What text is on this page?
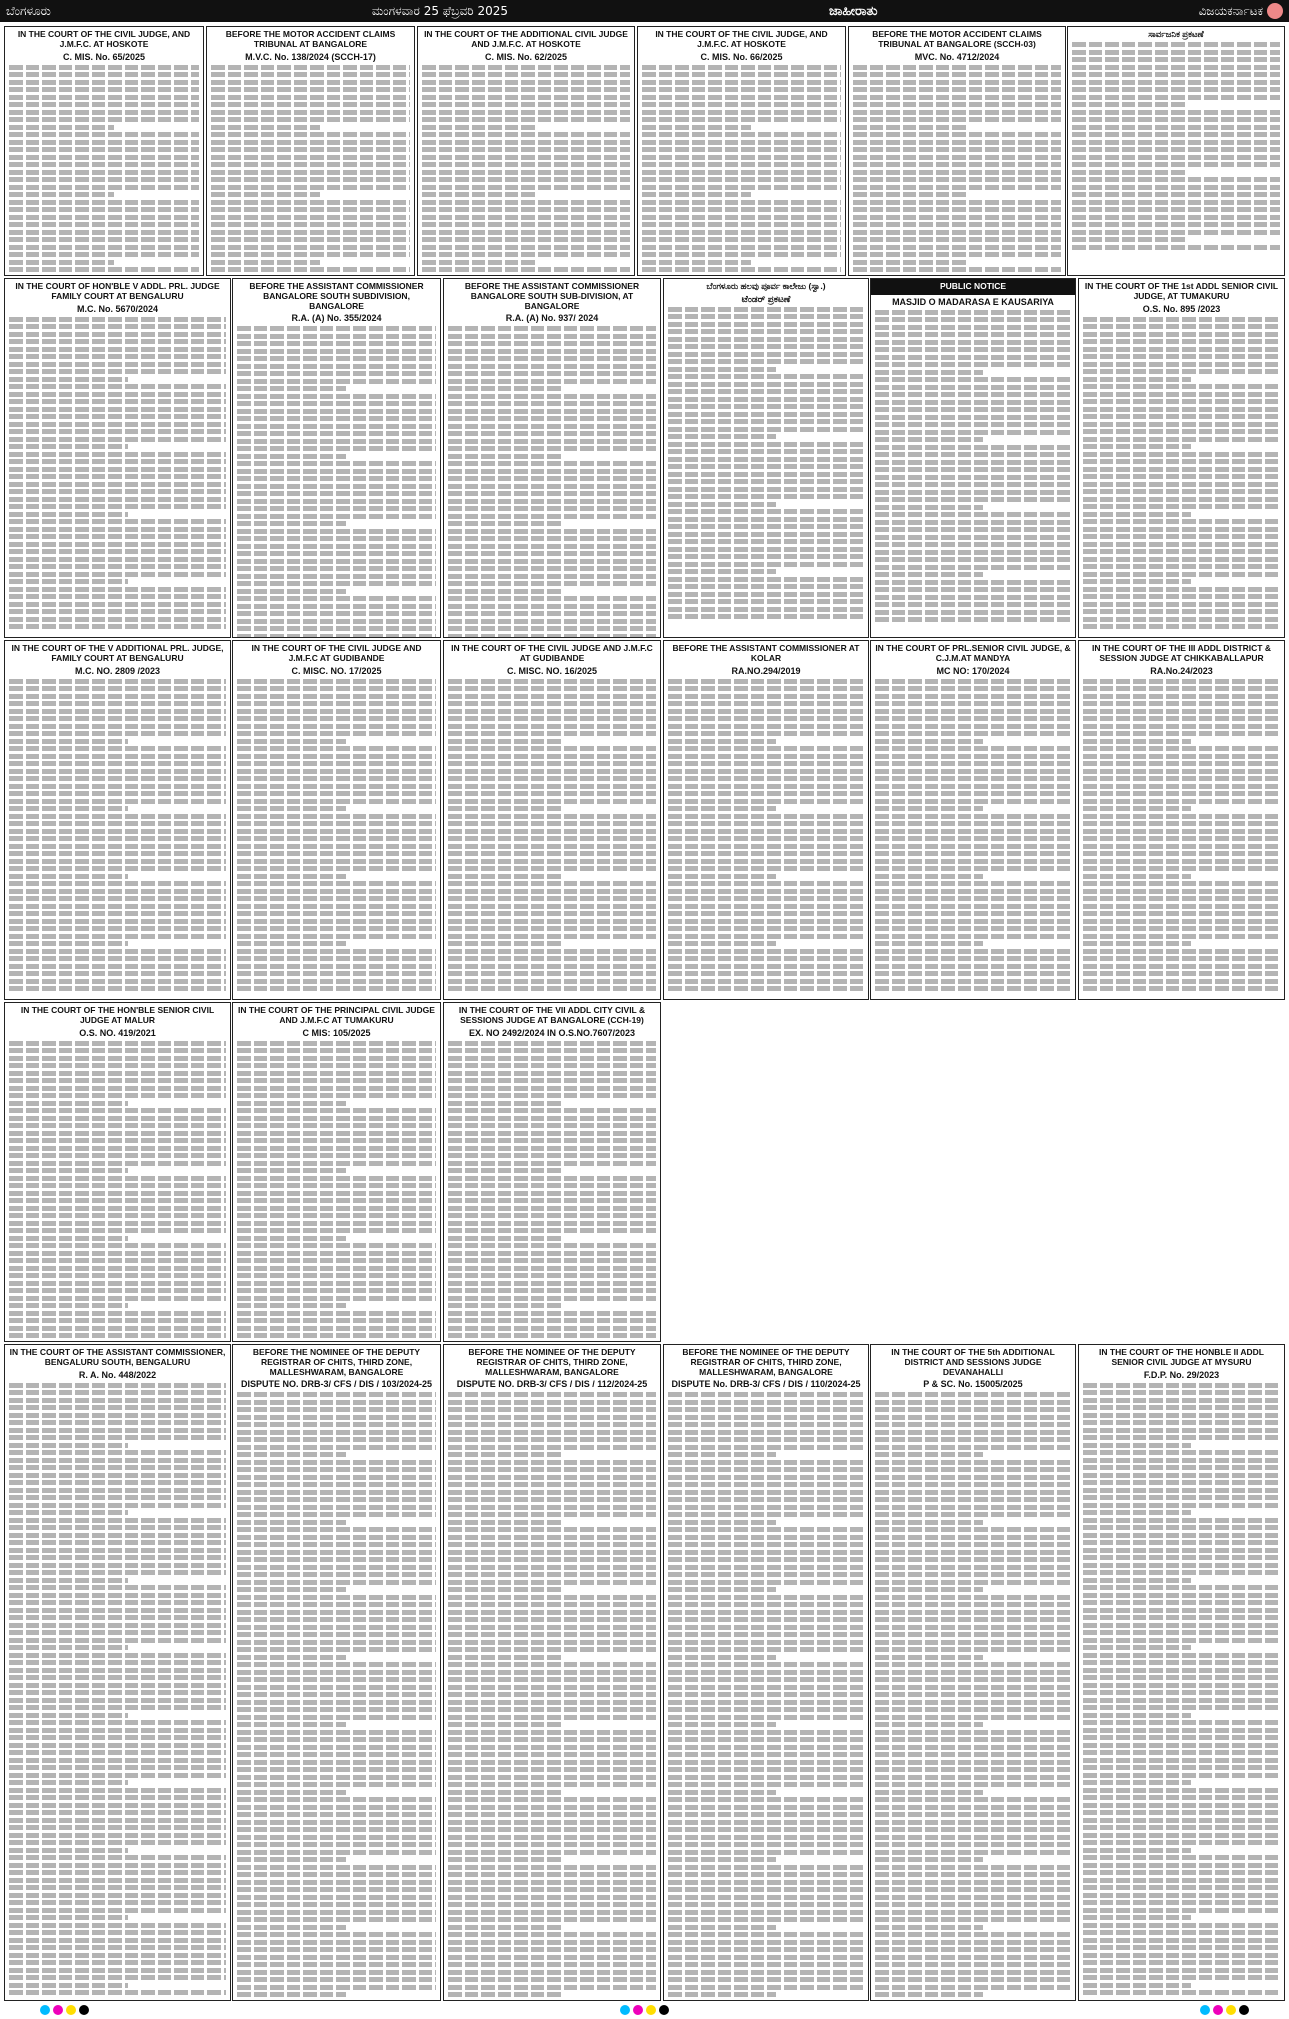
ಬೆಂಗಳೂರು	ಮಂಗಳವಾರ 25 ಫೆಬ್ರವರಿ 2025	ಜಾಹೀರಾತು	ವಿಜಯಕರ್ನಾಟಕ
IN THE COURT OF THE CIVIL JUDGE, AND J.M.F.C. AT HOSKOTE
C. MIS. No. 65/2025
BEFORE THE MOTOR ACCIDENT CLAIMS TRIBUNAL AT BANGALORE
M.V.C. No. 138/2024 (SCCH-17)
IN THE COURT OF THE ADDITIONAL CIVIL JUDGE AND J.M.F.C. AT HOSKOTE
C. MIS. No. 62/2025
IN THE COURT OF THE CIVIL JUDGE, AND J.M.F.C. AT HOSKOTE
C. MIS. No. 66/2025
BEFORE THE MOTOR ACCIDENT CLAIMS TRIBUNAL AT BANGALORE (SCCH-03)
MVC. No. 4712/2024
ಸಾರ್ವಜನಿಕ ಪ್ರಕಟಣೆ
IN THE COURT OF HON'BLE V ADDL. PRL. JUDGE FAMILY COURT AT BENGALURU
M.C. No. 5670/2024
BEFORE THE ASSISTANT COMMISSIONER BANGALORE SOUTH SUBDIVISION, BANGALORE
R.A. (A) No. 355/2024
BEFORE THE ASSISTANT COMMISSIONER BANGALORE SOUTH SUB-DIVISION, AT BANGALORE
R.A. (A) No. 937/ 2024
ಬೆಂಗಳೂರು ಹಲವು ಪೂರ್ವ ಕಾಲೇಜು (ಸ್ವಾ.)
ಟೆಂಡರ್ ಪ್ರಕಟಣೆ
PUBLIC NOTICE
MASJID O MADARASA E KAUSARIYA
IN THE COURT OF THE 1st ADDL SENIOR CIVIL JUDGE, AT TUMAKURU
O.S. No. 895 /2023
IN THE COURT OF THE V ADDITIONAL PRL. JUDGE, FAMILY COURT AT BENGALURU
M.C. NO. 2809 /2023
IN THE COURT OF THE CIVIL JUDGE AND J.M.F.C AT GUDIBANDE
C. MISC. NO. 17/2025
IN THE COURT OF THE CIVIL JUDGE AND J.M.F.C AT GUDIBANDE
C. MISC. NO. 16/2025
BEFORE THE ASSISTANT COMMISSIONER AT KOLAR
RA.NO.294/2019
IN THE COURT OF PRL.SENIOR CIVIL JUDGE, & C.J.M.AT MANDYA
MC NO: 170/2024
IN THE COURT OF THE III ADDL DISTRICT & SESSION JUDGE AT CHIKKABALLAPUR
RA.No.24/2023
IN THE COURT OF THE HON'BLE SENIOR CIVIL JUDGE AT MALUR
O.S. NO. 419/2021
IN THE COURT OF THE PRINCIPAL CIVIL JUDGE AND J.M.F.C AT TUMAKURU
C MIS: 105/2025
IN THE COURT OF THE VII ADDL CITY CIVIL & SESSIONS JUDGE AT BANGALORE (CCH-19)
EX. NO 2492/2024 IN O.S.NO.7607/2023
IN THE COURT OF THE ASSISTANT COMMISSIONER, BENGALURU SOUTH, BENGALURU
R. A. No. 448/2022
BEFORE THE NOMINEE OF THE DEPUTY REGISTRAR OF CHITS, THIRD ZONE, MALLESHWARAM, BANGALORE
DISPUTE NO. DRB-3/ CFS / DIS / 103/2024-25
BEFORE THE NOMINEE OF THE DEPUTY REGISTRAR OF CHITS, THIRD ZONE, MALLESHWARAM, BANGALORE
DISPUTE NO. DRB-3/ CFS / DIS / 112/2024-25
BEFORE THE NOMINEE OF THE DEPUTY REGISTRAR OF CHITS, THIRD ZONE, MALLESHWARAM, BANGALORE
DISPUTE No. DRB-3/ CFS / DIS / 110/2024-25
IN THE COURT OF THE 5th ADDITIONAL DISTRICT AND SESSIONS JUDGE DEVANAHALLI
P & SC. No. 15005/2025
IN THE COURT OF THE HONBLE II ADDL SENIOR CIVIL JUDGE AT MYSURU
F.D.P. No. 29/2023
